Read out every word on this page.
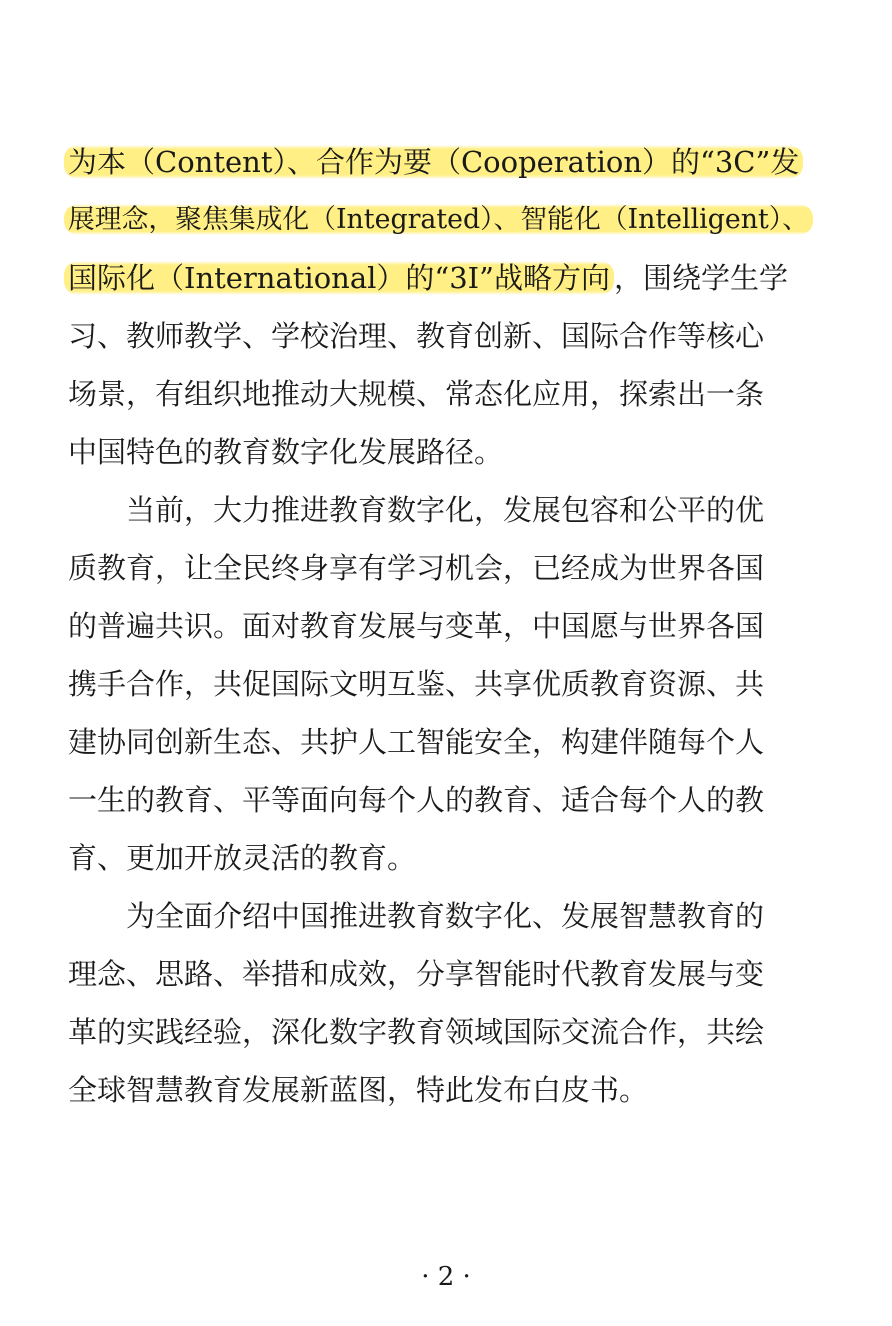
为本（Content）、合作为要（Cooperation）的“3C”发
展理念，聚焦集成化（Integrated）、智能化（Intelligent）、
国际化（International）的“3I”战略方向 ，围绕学生学
习、教师教学、学校治理、教育创新、国际合作等核心
场景，有组织地推动大规模、常态化应用，探索出一条
中国特色的教育数字化发展路径。
　　当前，大力推进教育数字化，发展包容和公平的优
质教育，让全民终身享有学习机会，已经成为世界各国
的普遍共识。面对教育发展与变革，中国愿与世界各国
携手合作，共促国际文明互鉴、共享优质教育资源、共
建协同创新生态、共护人工智能安全，构建伴随每个人
一生的教育、平等面向每个人的教育、适合每个人的教
育、更加开放灵活的教育。
　　为全面介绍中国推进教育数字化、发展智慧教育的
理念、思路、举措和成效，分享智能时代教育发展与变
革的实践经验，深化数字教育领域国际交流合作，共绘
全球智慧教育发展新蓝图，特此发布白皮书。
· 2 ·
